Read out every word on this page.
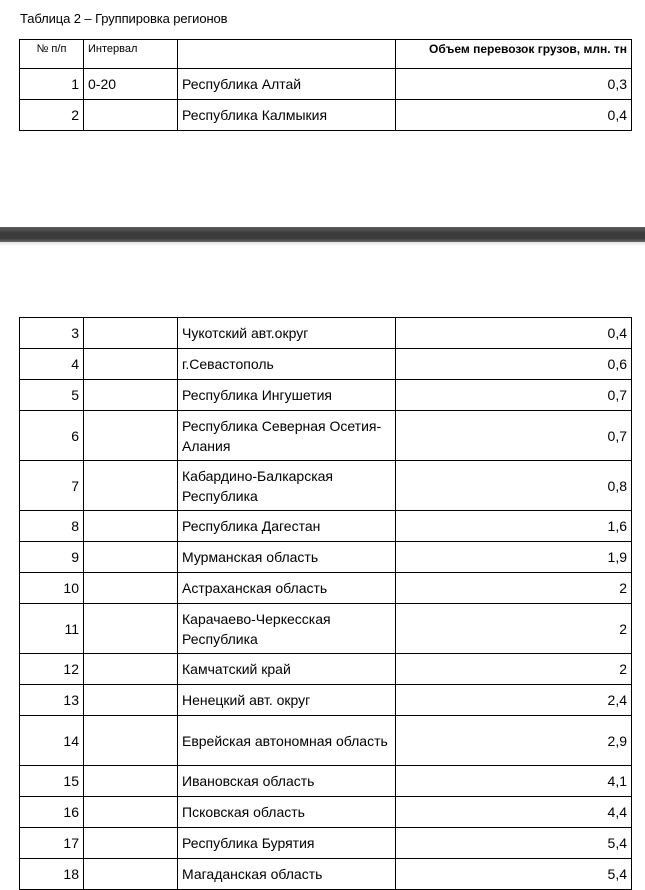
Таблица 2 – Группировка регионов
№ п/п	Интервал		Объем перевозок грузов, млн. тн
1	0-20	Республика Алтай	0,3
2		Республика Калмыкия	0,4
3		Чукотский авт.округ	0,4
4		г.Севастополь	0,6
5		Республика Ингушетия	0,7
6		Республика Северная Осетия- Алания	0,7
7		Кабардино-Балкарская Республика	0,8
8		Республика Дагестан	1,6
9		Мурманская область	1,9
10		Астраханская область	2
11		Карачаево-Черкесская Республика	2
12		Камчатский край	2
13		Ненецкий авт. округ	2,4
14		Еврейская автономная область	2,9
15		Ивановская область	4,1
16		Псковская область	4,4
17		Республика Бурятия	5,4
18		Магаданская область	5,4
